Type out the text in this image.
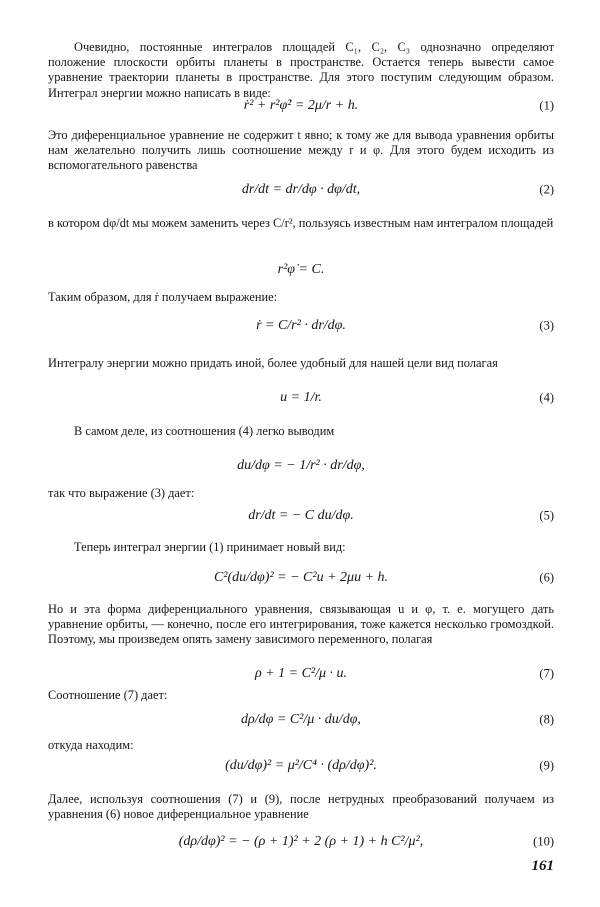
Очевидно, постоянные интегралов площадей C₁, C₂, C₃ однозначно определяют положение плоскости орбиты планеты в пространстве. Остается теперь вывести самое уравнение траектории планеты в пространстве. Для этого поступим следующим образом. Интеграл энергии можно написать в виде:

ṙ² + r²φ̇² = 2μ/r + h.	(1)

Это диференциальное уравнение не содержит t явно; к тому же для вывода уравнения орбиты нам желательно получить лишь соотношение между r и φ. Для этого будем исходить из вспомогательного равенства

dr/dt = dr/dφ · dφ/dt,	(2)

в котором dφ/dt мы можем заменить через C/r², пользуясь известным нам интегралом площадей

r²φ̇ = C.

Таким образом, для ṙ получаем выражение:

ṙ = C/r² · dr/dφ.	(3)

Интегралу энергии можно придать иной, более удобный для нашей цели вид полагая

u = 1/r.	(4)

В самом деле, из соотношения (4) легко выводим

du/dφ = − 1/r² · dr/dφ,

так что выражение (3) дает:

dr/dt = − C du/dφ.	(5)

Теперь интеграл энергии (1) принимает новый вид:

C²(du/dφ)² = − C²u + 2μu + h.	(6)

Но и эта форма диференциального уравнения, связывающая u и φ, т. е. могущего дать уравнение орбиты, — конечно, после его интегрирования, тоже кажется несколько громоздкой. Поэтому, мы произведем опять замену зависимого переменного, полагая

ρ + 1 = C²/μ · u.	(7)

Соотношение (7) дает:

dρ/dφ = C²/μ · du/dφ,	(8)

откуда находим:

(du/dφ)² = μ²/C⁴ · (dρ/dφ)².	(9)

Далее, используя соотношения (7) и (9), после нетрудных преобразований получаем из уравнения (6) новое диференциальное уравнение

(dρ/dφ)² = − (ρ + 1)² + 2 (ρ + 1) + h C²/μ²,	(10)
161
